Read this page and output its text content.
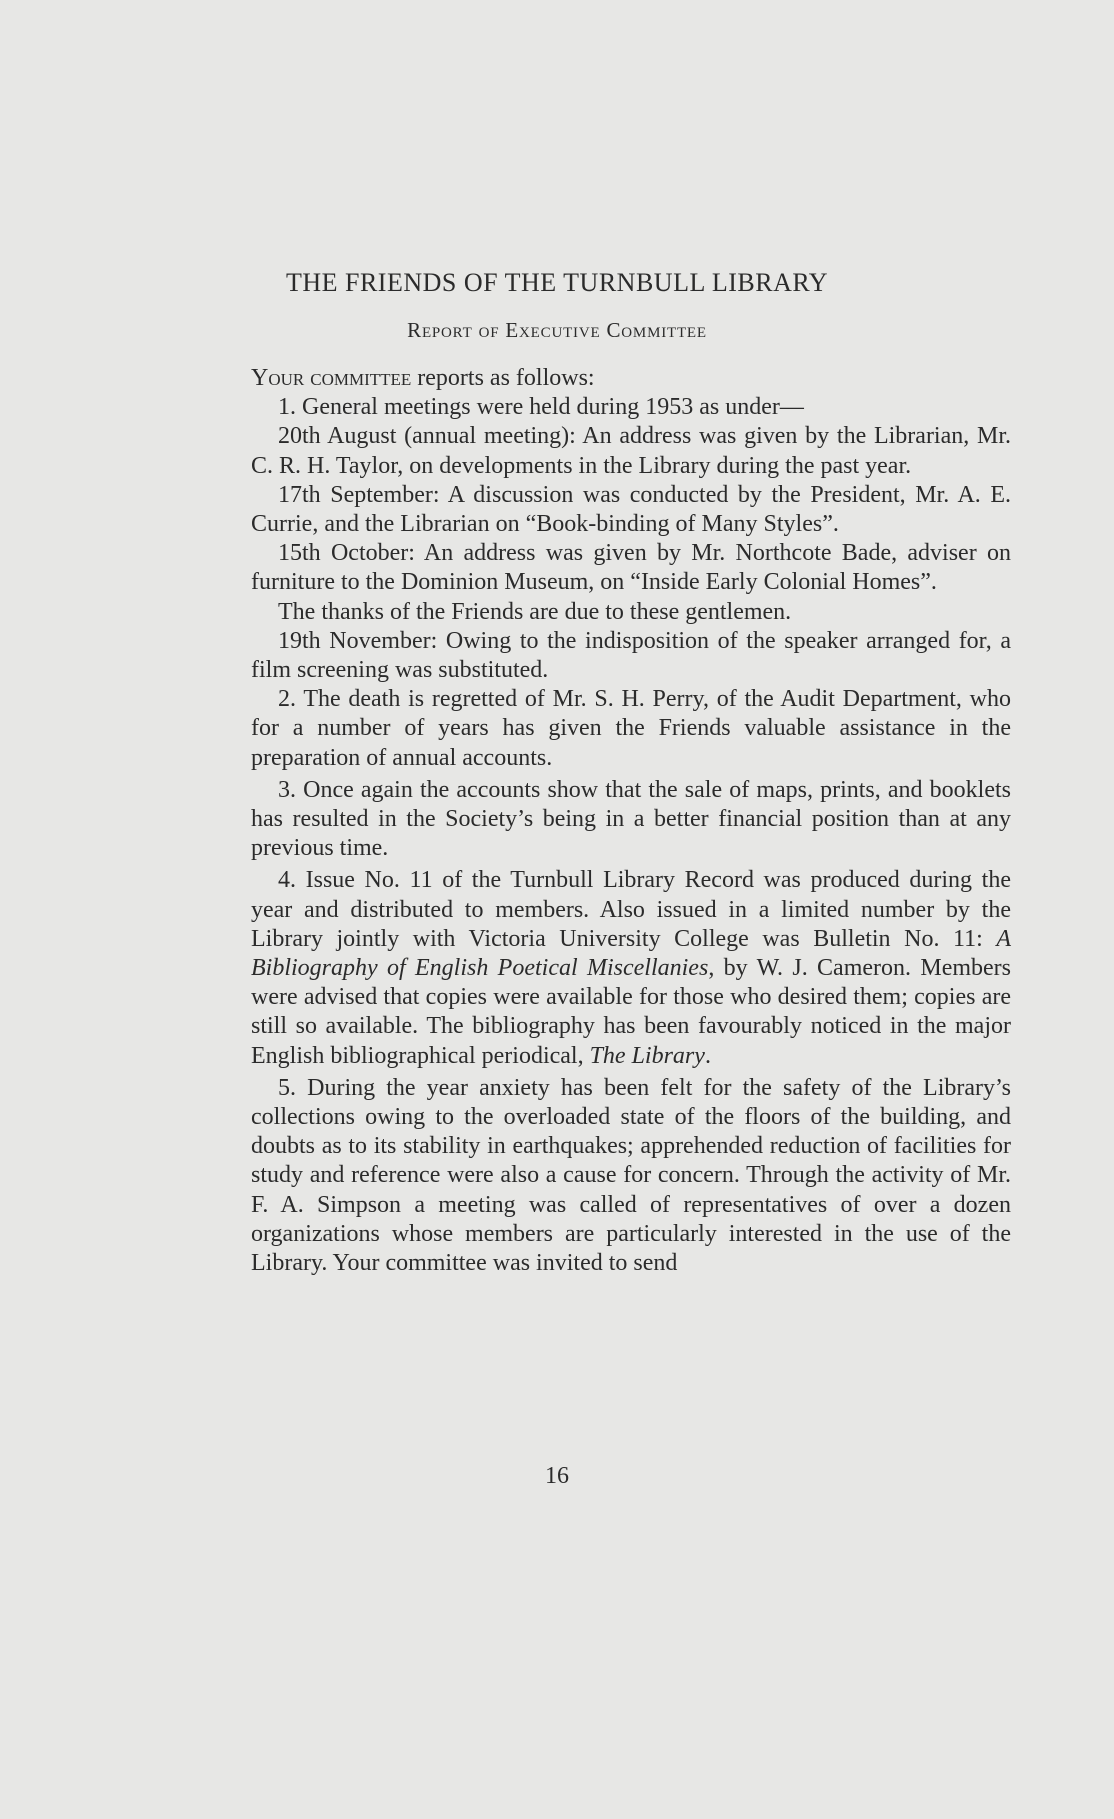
THE FRIENDS OF THE TURNBULL LIBRARY
Report of Executive Committee

Your committee reports as follows:

1. General meetings were held during 1953 as under—

20th August (annual meeting): An address was given by the Librarian, Mr. C. R. H. Taylor, on developments in the Library during the past year.

17th September: A discussion was conducted by the President, Mr. A. E. Currie, and the Librarian on “Book-binding of Many Styles”.

15th October: An address was given by Mr. Northcote Bade, adviser on furniture to the Dominion Museum, on “Inside Early Colonial Homes”.

The thanks of the Friends are due to these gentlemen.

19th November: Owing to the indisposition of the speaker arranged for, a film screening was substituted.

2. The death is regretted of Mr. S. H. Perry, of the Audit Department, who for a number of years has given the Friends valuable assistance in the preparation of annual accounts.

3. Once again the accounts show that the sale of maps, prints, and booklets has resulted in the Society’s being in a better financial position than at any previous time.

4. Issue No. 11 of the Turnbull Library Record was produced during the year and distributed to members. Also issued in a limited number by the Library jointly with Victoria University College was Bulletin No. 11: A Bibliography of English Poetical Miscellanies, by W. J. Cameron. Members were advised that copies were available for those who desired them; copies are still so available. The bibliography has been favourably noticed in the major English bibliographical periodical, The Library.

5. During the year anxiety has been felt for the safety of the Library’s collections owing to the overloaded state of the floors of the building, and doubts as to its stability in earthquakes; apprehended reduction of facilities for study and reference were also a cause for concern. Through the activity of Mr. F. A. Simpson a meeting was called of representatives of over a dozen organizations whose members are particularly interested in the use of the Library. Your committee was invited to send

16
